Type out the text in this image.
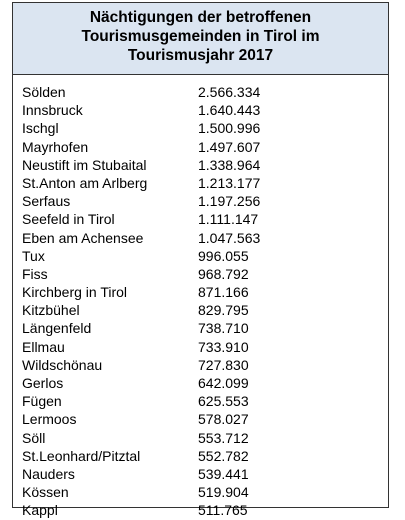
Nächtigungen der betroffenen
Tourismusgemeinden in Tirol im
Tourismusjahr 2017
Sölden	2.566.334
Innsbruck	1.640.443
Ischgl	1.500.996
Mayrhofen	1.497.607
Neustift im Stubaital	1.338.964
St.Anton am Arlberg	1.213.177
Serfaus	1.197.256
Seefeld in Tirol	1.111.147
Eben am Achensee	1.047.563
Tux	996.055
Fiss	968.792
Kirchberg in Tirol	871.166
Kitzbühel	829.795
Längenfeld	738.710
Ellmau	733.910
Wildschönau	727.830
Gerlos	642.099
Fügen	625.553
Lermoos	578.027
Söll	553.712
St.Leonhard/Pitztal	552.782
Nauders	539.441
Kössen	519.904
Kappl	511.765
